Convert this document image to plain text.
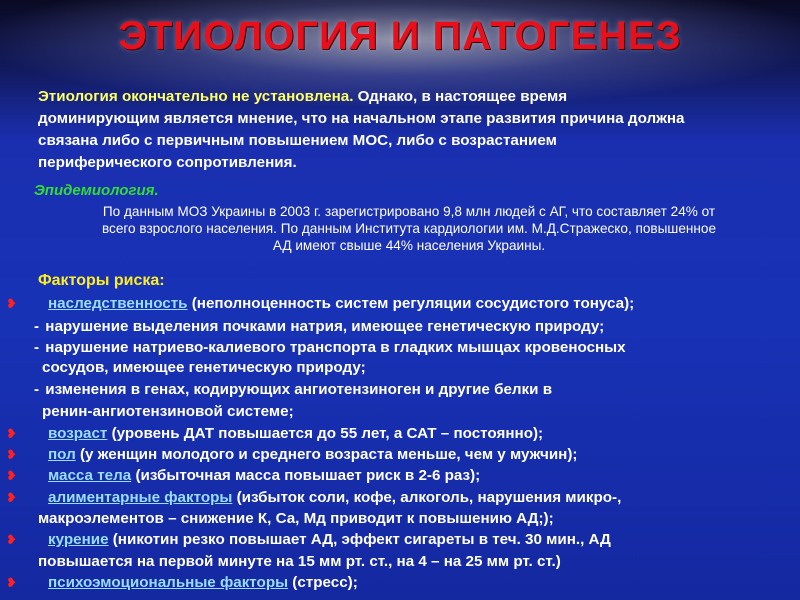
ЭТИОЛОГИЯ И ПАТОГЕНЕЗ
Этиология окончательно не установлена. Однако, в настоящее время
доминирующим является мнение, что на начальном этапе развития причина должна
связана либо с первичным повышением МОС, либо с возрастанием
периферического сопротивления.
Эпидемиология.
По данным МОЗ Украины в 2003 г. зарегистрировано 9,8 млн людей с АГ, что составляет 24% от
всего взрослого населения. По данным Института кардиологии им. М.Д.Стражеско, повышенное
АД имеют свыше 44% населения Украины.
Факторы риска:
❥ наследственность (неполноценность систем регуляции сосудистого тонуса);
- нарушение выделения почками натрия, имеющее генетическую природу;
- нарушение натриево-калиевого транспорта в гладких мышцах кровеносных
сосудов, имеющее генетическую природу;
- изменения в генах, кодирующих ангиотензиноген и другие белки в
ренин-ангиотензиновой системе;
❥ возраст (уровень ДАТ повышается до 55 лет, а САТ – постоянно);
❥ пол (у женщин молодого и среднего возраста меньше, чем у мужчин);
❥ масса тела (избыточная масса повышает риск в 2-6 раз);
❥ алиментарные факторы (избыток соли, кофе, алкоголь, нарушения микро-,
макроэлементов – снижение К, Са, Мд приводит к повышению АД;);
❥ курение (никотин резко повышает АД, эффект сигареты в теч. 30 мин., АД
повышается на первой минуте на 15 мм рт. ст., на 4 – на 25 мм рт. ст.)
❥ психоэмоциональные факторы (стресс);
